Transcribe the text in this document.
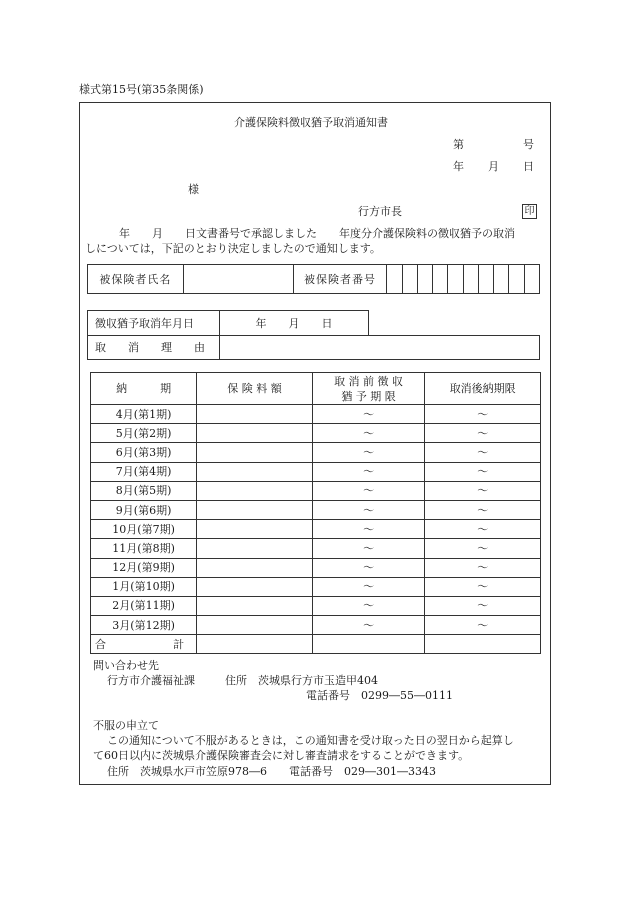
様式第15号(第35条関係)
介護保険料徴収猶予取消通知書
第	号
年 月 日
様
行方市長	印
年　　月　　日文書番号で承認しました　　年度分介護保険料の徴収猶予の取消
しについては，下記のとおり決定しましたので通知します。
被保険者氏名		被保険者番号										
徴収猶予取消年月日	年　　月　　日	
取　　消　　理　　由		
納　　　期	保 険 料 額	取 消 前 徴 収
猶 予 期 限	取消後納期限
4月(第1期)		～	～
5月(第2期)		～	～
6月(第3期)		～	～
7月(第4期)		～	～
8月(第5期)		～	～
9月(第6期)		～	～
10月(第7期)		～	～
11月(第8期)		～	～
12月(第9期)		～	～
1月(第10期)		～	～
2月(第11期)		～	～
3月(第12期)		～	～

合 計			

問い合わせ先
行方市介護福祉課	住所　茨城県行方市玉造甲404
電話番号　0299―55―0111
不服の申立て
この通知について不服があるときは，この通知書を受け取った日の翌日から起算し
て60日以内に茨城県介護保険審査会に対し審査請求をすることができます。
住所　茨城県水戸市笠原978―6　　電話番号　029―301―3343
